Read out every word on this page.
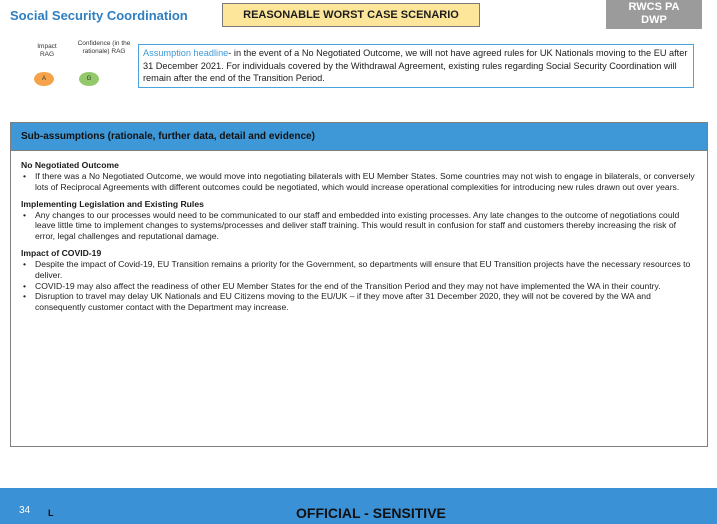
Social Security Coordination	REASONABLE WORST CASE SCENARIO
RWCS PA
DWP
Impact RAG
Confidence (in the rationale) RAG
A	G
Assumption headline- in the event of a No Negotiated Outcome, we will not have agreed rules for UK Nationals moving to the EU after 31 December 2021. For individuals covered by the Withdrawal Agreement, existing rules regarding Social Security Coordination will remain after the end of the Transition Period.
Sub-assumptions (rationale, further data, detail and evidence)
No Negotiated Outcome
• If there was a No Negotiated Outcome, we would move into negotiating bilaterals with EU Member States. Some countries may not wish to engage in bilaterals, or conversely lots of Reciprocal Agreements with different outcomes could be negotiated, which would increase operational complexities for introducing new rules drawn out over years.
Implementing Legislation and Existing Rules
• Any changes to our processes would need to be communicated to our staff and embedded into existing processes. Any late changes to the outcome of negotiations could leave little time to implement changes to systems/processes and deliver staff training. This would result in confusion for staff and customers thereby increasing the risk of error, legal challenges and reputational damage.
Impact of COVID-19
• Despite the impact of Covid-19, EU Transition remains a priority for the Government, so departments will ensure that EU Transition projects have the necessary resources to deliver.
• COVID-19 may also affect the readiness of other EU Member States for the end of the Transition Period and they may not have implemented the WA in their country.
• Disruption to travel may delay UK Nationals and EU Citizens moving to the EU/UK – if they move after 31 December 2020, they will not be covered by the WA and consequently customer contact with the Department may increase.
34 L	OFFICIAL - SENSITIVE
